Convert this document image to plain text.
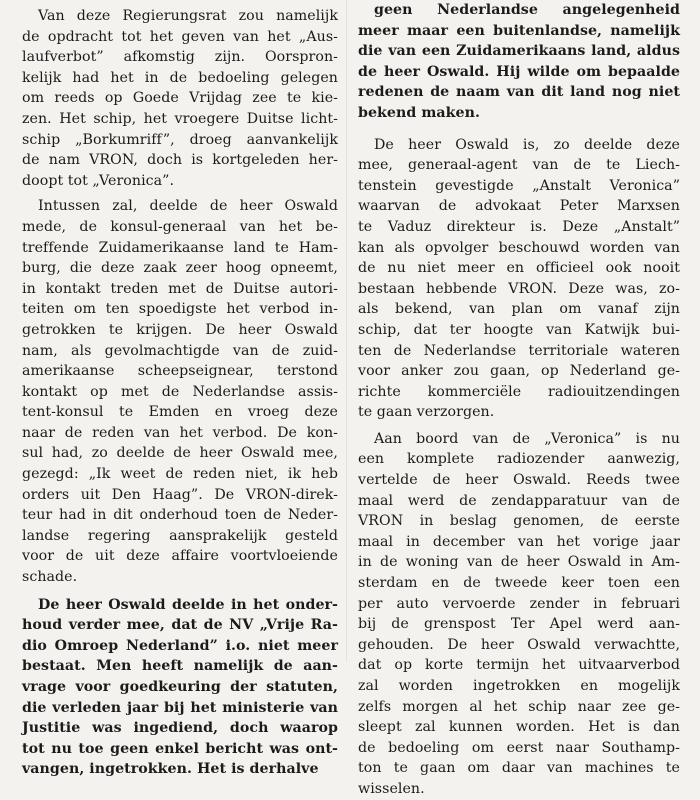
Van deze Regierungsrat zou namelijk
de opdracht tot het geven van het „Aus-
laufverbot” afkomstig zijn. Oorspron-
kelijk had het in de bedoeling gelegen
om reeds op Goede Vrijdag zee te kie-
zen. Het schip, het vroegere Duitse licht-
schip „Borkumriff”, droeg aanvankelijk
de nam VRON, doch is kortgeleden her-
doopt tot „Veronica”.
Intussen zal, deelde de heer Oswald
mede, de konsul-generaal van het be-
treffende Zuidamerikaanse land te Ham-
burg, die deze zaak zeer hoog opneemt,
in kontakt treden met de Duitse autori-
teiten om ten spoedigste het verbod in-
getrokken te krijgen. De heer Oswald
nam, als gevolmachtigde van de zuid-
amerikaanse scheepseignear, terstond
kontakt op met de Nederlandse assis-
tent-konsul te Emden en vroeg deze
naar de reden van het verbod. De kon-
sul had, zo deelde de heer Oswald mee,
gezegd: „Ik weet de reden niet, ik heb
orders uit Den Haag”. De VRON-direk-
teur had in dit onderhoud toen de Neder-
landse regering aansprakelijk gesteld
voor de uit deze affaire voortvloeiende
schade.
De heer Oswald deelde in het onder-
houd verder mee, dat de NV „Vrije Ra-
dio Omroep Nederland” i.o. niet meer
bestaat. Men heeft namelijk de aan-
vrage voor goedkeuring der statuten,
die verleden jaar bij het ministerie van
Justitie was ingediend, doch waarop
tot nu toe geen enkel bericht was ont-
vangen, ingetrokken. Het is derhalve
geen Nederlandse angelegenheid
meer maar een buitenlandse, namelijk
die van een Zuidamerikaans land, aldus
de heer Oswald. Hij wilde om bepaalde
redenen de naam van dit land nog niet
bekend maken.
De heer Oswald is, zo deelde deze
mee, generaal-agent van de te Liech-
tenstein gevestigde „Anstalt Veronica”
waarvan de advokaat Peter Marxsen
te Vaduz direkteur is. Deze „Anstalt”
kan als opvolger beschouwd worden van
de nu niet meer en officieel ook nooit
bestaan hebbende VRON. Deze was, zo-
als bekend, van plan om vanaf zijn
schip, dat ter hoogte van Katwijk bui-
ten de Nederlandse territoriale wateren
voor anker zou gaan, op Nederland ge-
richte kommerciële radiouitzendingen
te gaan verzorgen.
Aan boord van de „Veronica” is nu
een komplete radiozender aanwezig,
vertelde de heer Oswald. Reeds twee
maal werd de zendapparatuur van de
VRON in beslag genomen, de eerste
maal in december van het vorige jaar
in de woning van de heer Oswald in Am-
sterdam en de tweede keer toen een
per auto vervoerde zender in februari
bij de grenspost Ter Apel werd aan-
gehouden. De heer Oswald verwachtte,
dat op korte termijn het uitvaarverbod
zal worden ingetrokken en mogelijk
zelfs morgen al het schip naar zee ge-
sleept zal kunnen worden. Het is dan
de bedoeling om eerst naar Southamp-
ton te gaan om daar van machines te
wisselen.
